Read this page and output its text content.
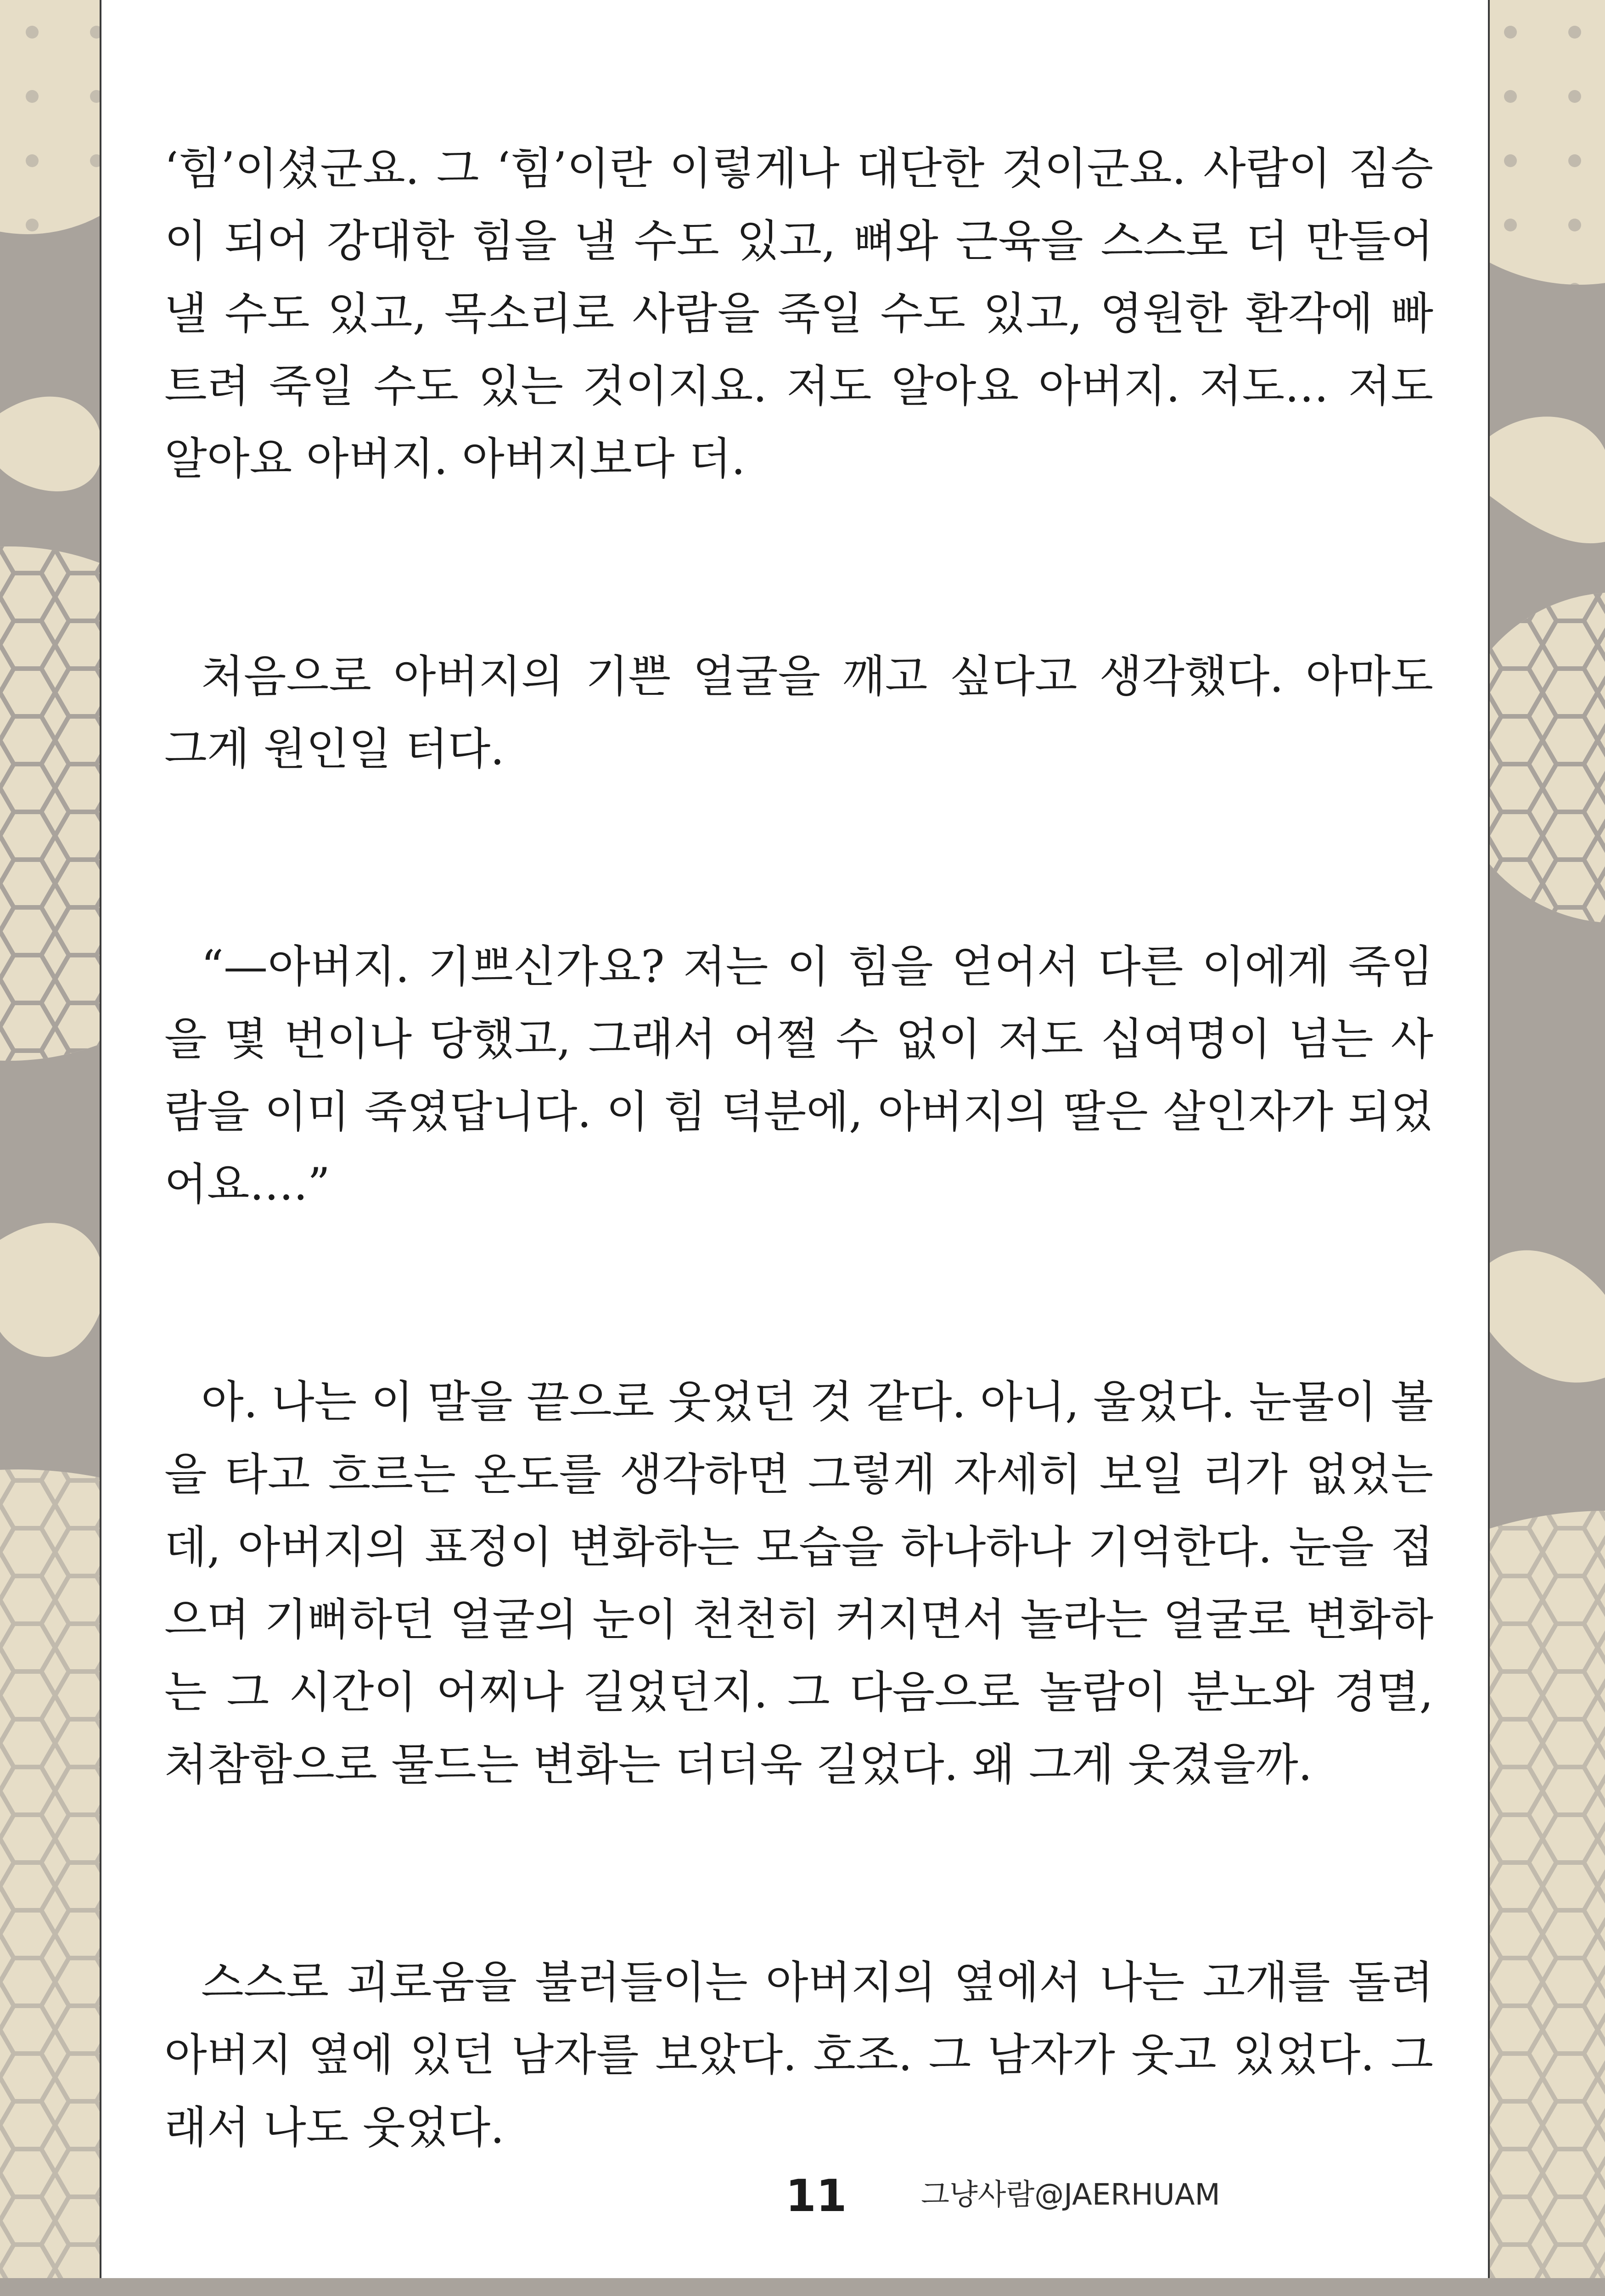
‘힘’이셨군요. 그 ‘힘’이란 이렇게나 대단한 것이군요. 사람이 짐승이 되어 강대한 힘을 낼 수도 있고, 뼈와 근육을 스스로 더 만들어낼 수도 있고, 목소리로 사람을 죽일 수도 있고, 영원한 환각에 빠트려 죽일 수도 있는 것이지요. 저도 알아요 아버지. 저도… 저도 알아요 아버지. 아버지보다 더.

처음으로 아버지의 기쁜 얼굴을 깨고 싶다고 생각했다. 아마도 그게 원인일 터다.

“—아버지. 기쁘신가요? 저는 이 힘을 얻어서 다른 이에게 죽임을 몇 번이나 당했고, 그래서 어쩔 수 없이 저도 십여명이 넘는 사람을 이미 죽였답니다. 이 힘 덕분에, 아버지의 딸은 살인자가 되었어요….”

아. 나는 이 말을 끝으로 웃었던 것 같다. 아니, 울었다. 눈물이 볼을 타고 흐르는 온도를 생각하면 그렇게 자세히 보일 리가 없었는데, 아버지의 표정이 변화하는 모습을 하나하나 기억한다. 눈을 접으며 기뻐하던 얼굴의 눈이 천천히 커지면서 놀라는 얼굴로 변화하는 그 시간이 어찌나 길었던지. 그 다음으로 놀람이 분노와 경멸, 처참함으로 물드는 변화는 더더욱 길었다. 왜 그게 웃겼을까.

스스로 괴로움을 불러들이는 아버지의 옆에서 나는 고개를 돌려 아버지 옆에 있던 남자를 보았다. 호조. 그 남자가 웃고 있었다. 그래서 나도 웃었다.

11	그냥사람@JAERHUAM
